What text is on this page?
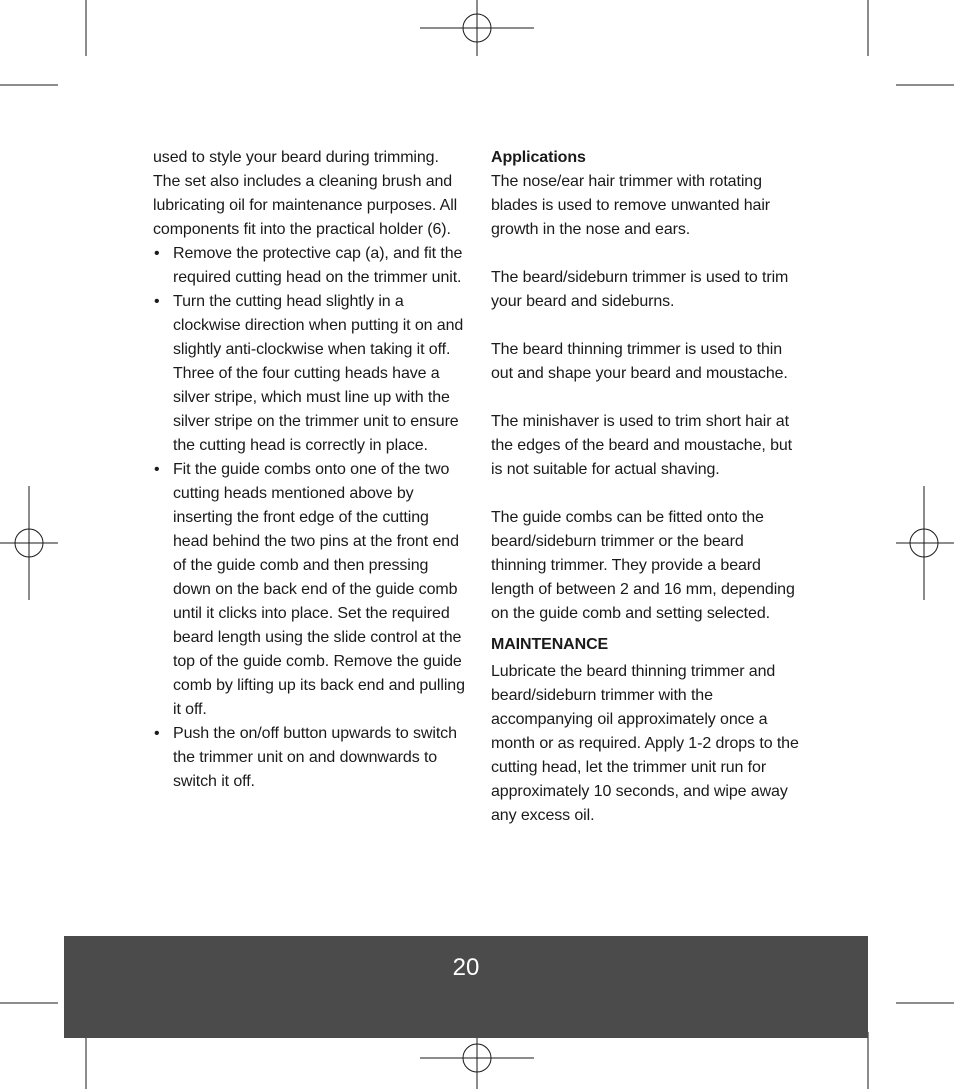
used to style your beard during trimming. The set also includes a cleaning brush and lubricating oil for maintenance purposes. All components fit into the practical holder (6).

• Remove the protective cap (a), and fit the required cutting head on the trimmer unit.
• Turn the cutting head slightly in a clockwise direction when putting it on and slightly anti-clockwise when taking it off. Three of the four cutting heads have a silver stripe, which must line up with the silver stripe on the trimmer unit to ensure the cutting head is correctly in place.
• Fit the guide combs onto one of the two cutting heads mentioned above by inserting the front edge of the cutting head behind the two pins at the front end of the guide comb and then pressing down on the back end of the guide comb until it clicks into place. Set the required beard length using the slide control at the top of the guide comb. Remove the guide comb by lifting up its back end and pulling it off.
• Push the on/off button upwards to switch the trimmer unit on and downwards to switch it off.

Applications

The nose/ear hair trimmer with rotating blades is used to remove unwanted hair growth in the nose and ears.

The beard/sideburn trimmer is used to trim your beard and sideburns.

The beard thinning trimmer is used to thin out and shape your beard and moustache.

The minishaver is used to trim short hair at the edges of the beard and moustache, but is not suitable for actual shaving.

The guide combs can be fitted onto the beard/sideburn trimmer or the beard thinning trimmer. They provide a beard length of between 2 and 16 mm, depending on the guide comb and setting selected.

MAINTENANCE

Lubricate the beard thinning trimmer and beard/sideburn trimmer with the accompanying oil approximately once a month or as required. Apply 1-2 drops to the cutting head, let the trimmer unit run for approximately 10 seconds, and wipe away any excess oil.

20
